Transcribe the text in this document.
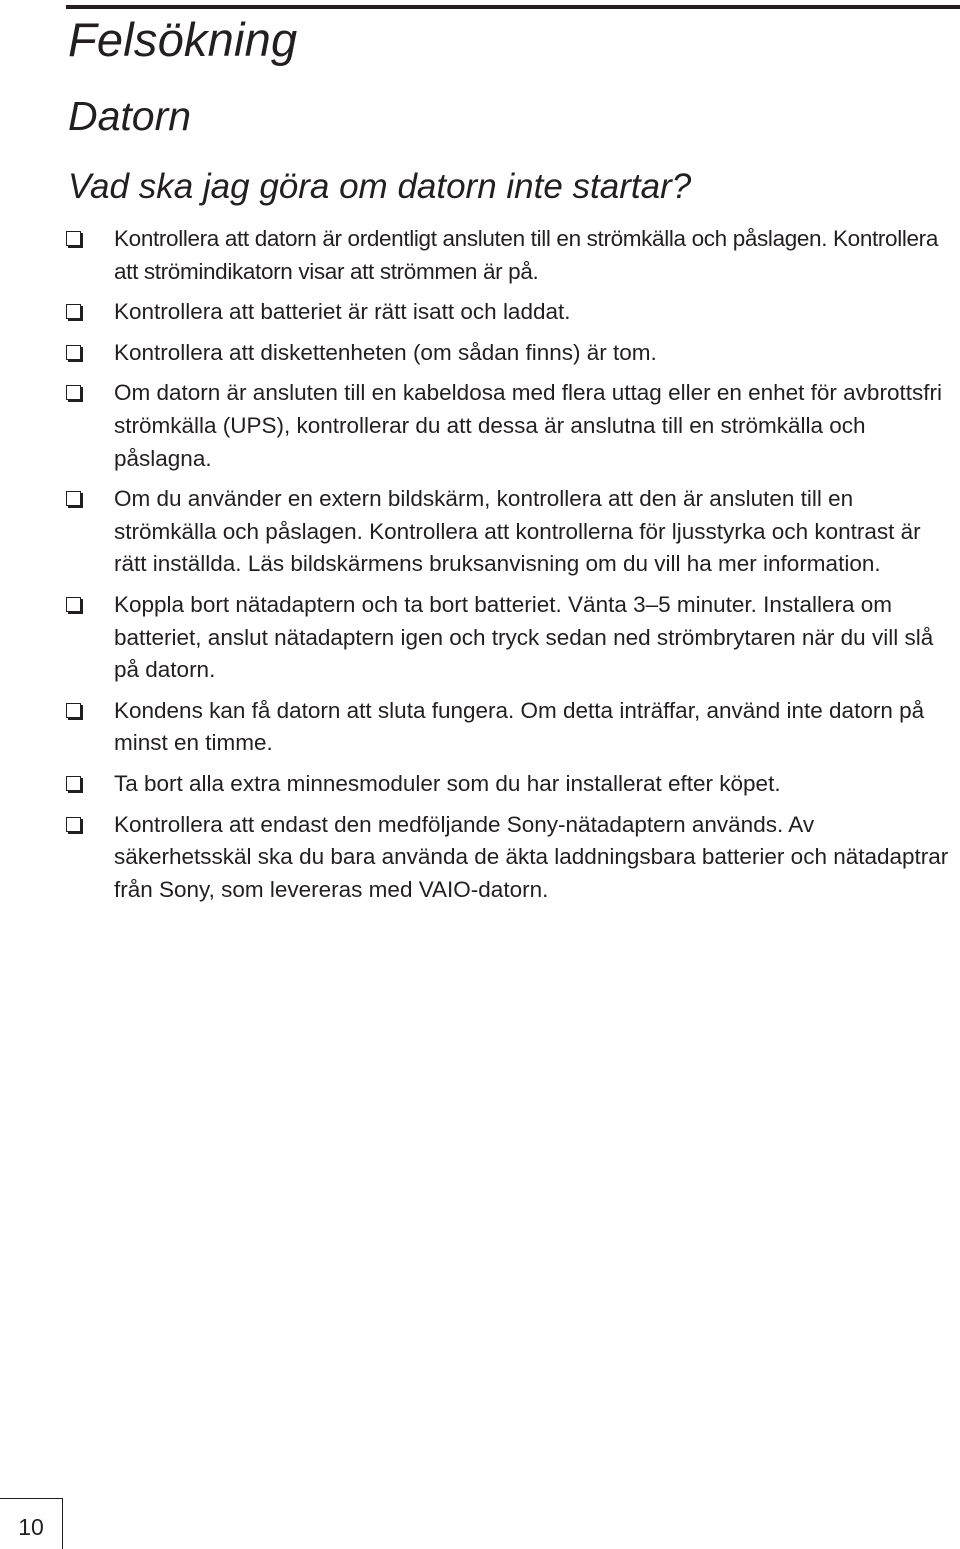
Felsökning
Datorn
Vad ska jag göra om datorn inte startar?
Kontrollera att datorn är ordentligt ansluten till en strömkälla och påslagen. Kontrollera att strömindikatorn visar att strömmen är på.
Kontrollera att batteriet är rätt isatt och laddat.
Kontrollera att diskettenheten (om sådan finns) är tom.
Om datorn är ansluten till en kabeldosa med flera uttag eller en enhet för avbrottsfri strömkälla (UPS), kontrollerar du att dessa är anslutna till en strömkälla och påslagna.
Om du använder en extern bildskärm, kontrollera att den är ansluten till en strömkälla och påslagen. Kontrollera att kontrollerna för ljusstyrka och kontrast är rätt inställda. Läs bildskärmens bruksanvisning om du vill ha mer information.
Koppla bort nätadaptern och ta bort batteriet. Vänta 3–5 minuter. Installera om batteriet, anslut nätadaptern igen och tryck sedan ned strömbrytaren när du vill slå på datorn.
Kondens kan få datorn att sluta fungera. Om detta inträffar, använd inte datorn på minst en timme.
Ta bort alla extra minnesmoduler som du har installerat efter köpet.
Kontrollera att endast den medföljande Sony-nätadaptern används. Av säkerhetsskäl ska du bara använda de äkta laddningsbara batterier och nätadaptrar från Sony, som levereras med VAIO-datorn.
10
